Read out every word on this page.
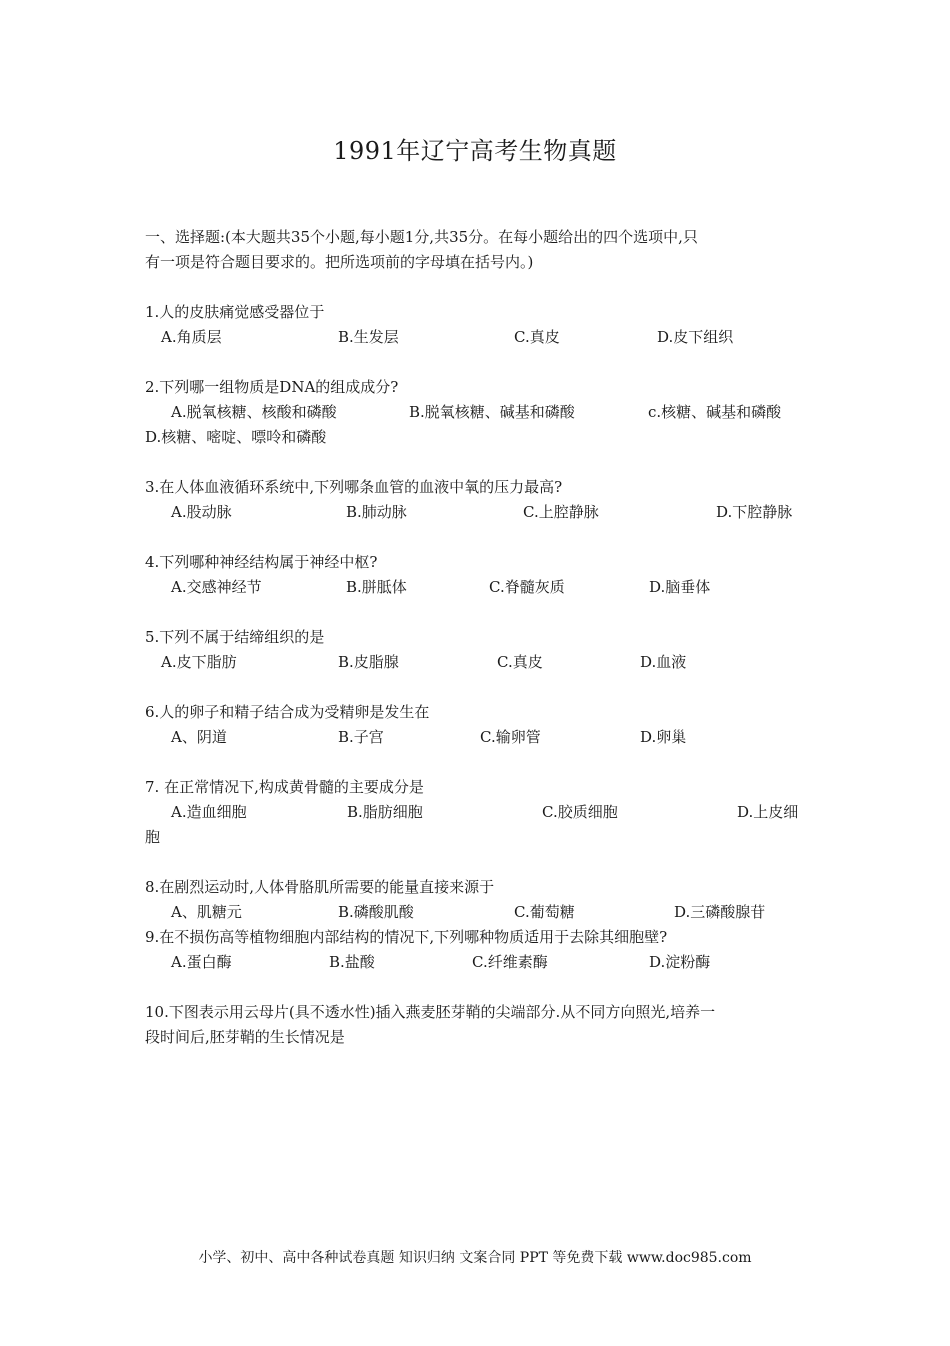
1991年辽宁高考生物真题
一、选择题:(本大题共35个小题,每小题1分,共35分。在每小题给出的四个选项中,只
有一项是符合题目要求的。把所选项前的字母填在括号内。)
1.人的皮肤痛觉感受器位于
A.角质层	B.生发层	C.真皮	D.皮下组织
2.下列哪一组物质是DNA的组成成分?
A.脱氧核糖、核酸和磷酸	B.脱氧核糖、碱基和磷酸	c.核糖、碱基和磷酸
D.核糖、嘧啶、嘌呤和磷酸
3.在人体血液循环系统中,下列哪条血管的血液中氧的压力最高?
A.股动脉	B.肺动脉	C.上腔静脉	D.下腔静脉
4.下列哪种神经结构属于神经中枢?
A.交感神经节	B.胼胝体	C.脊髓灰质	D.脑垂体
5.下列不属于结缔组织的是
A.皮下脂肪	B.皮脂腺	C.真皮	D.血液
6.人的卵子和精子结合成为受精卵是发生在
A、阴道	B.子宫	C.输卵管	D.卵巢
7. 在正常情况下,构成黄骨髓的主要成分是
A.造血细胞	B.脂肪细胞	C.胶质细胞	D.上皮细
胞
8.在剧烈运动时,人体骨胳肌所需要的能量直接来源于
A、肌糖元	B.磷酸肌酸	C.葡萄糖	D.三磷酸腺苷
9.在不损伤高等植物细胞内部结构的情况下,下列哪种物质适用于去除其细胞壁?
A.蛋白酶	B.盐酸	C.纤维素酶	D.淀粉酶
10.下图表示用云母片(具不透水性)插入燕麦胚芽鞘的尖端部分.从不同方向照光,培养一
段时间后,胚芽鞘的生长情况是
小学、初中、高中各种试卷真题 知识归纳 文案合同 PPT 等免费下载 www.doc985.com
